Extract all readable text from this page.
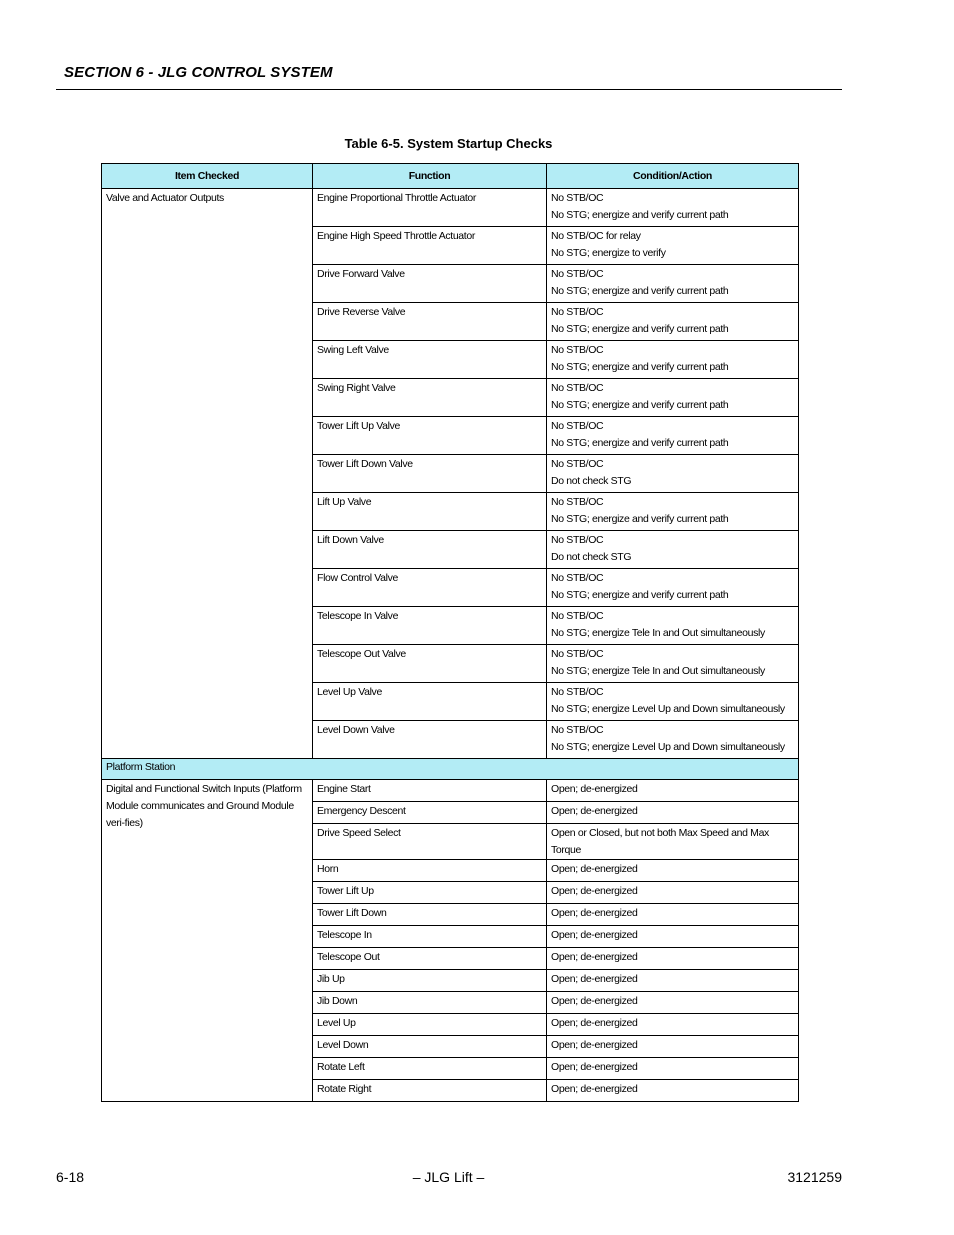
SECTION 6 - JLG CONTROL SYSTEM
Table 6-5. System Startup Checks
Item Checked	Function	Condition/Action
Valve and Actuator Outputs	Engine Proportional Throttle Actuator	No STB/OC
No STG; energize and verify current path

	Engine High Speed Throttle Actuator	No STB/OC for relay
No STG; energize to verify

	Drive Forward Valve	No STB/OC
No STG; energize and verify current path

	Drive Reverse Valve	No STB/OC
No STG; energize and verify current path

	Swing Left Valve	No STB/OC
No STG; energize and verify current path

	Swing Right Valve	No STB/OC
No STG; energize and verify current path

	Tower Lift Up Valve	No STB/OC
No STG; energize and verify current path

	Tower Lift Down Valve	No STB/OC
Do not check STG

	Lift Up Valve	No STB/OC
No STG; energize and verify current path

	Lift Down Valve	No STB/OC
Do not check STG

	Flow Control Valve	No STB/OC
No STG; energize and verify current path

	Telescope In Valve	No STB/OC
No STG; energize Tele In and Out simultaneously

	Telescope Out Valve	No STB/OC
No STG; energize Tele In and Out simultaneously

	Level Up Valve	No STB/OC
No STG; energize Level Up and Down simultaneously

	Level Down Valve	No STB/OC
No STG; energize Level Up and Down simultaneously

Platform Station		
Digital and Functional Switch Inputs (Platform Module communicates and Ground Module veri-fies)	Engine Start	Open; de-energized
	Emergency Descent	Open; de-energized
	Drive Speed Select	Open or Closed, but not both Max Speed and Max Torque
	Horn	Open; de-energized
	Tower Lift Up	Open; de-energized
	Tower Lift Down	Open; de-energized
	Telescope In	Open; de-energized
	Telescope Out	Open; de-energized
	Jib Up	Open; de-energized
	Jib Down	Open; de-energized
	Level Up	Open; de-energized
	Level Down	Open; de-energized
	Rotate Left	Open; de-energized
	Rotate Right	Open; de-energized
6-18	– JLG Lift –	3121259
